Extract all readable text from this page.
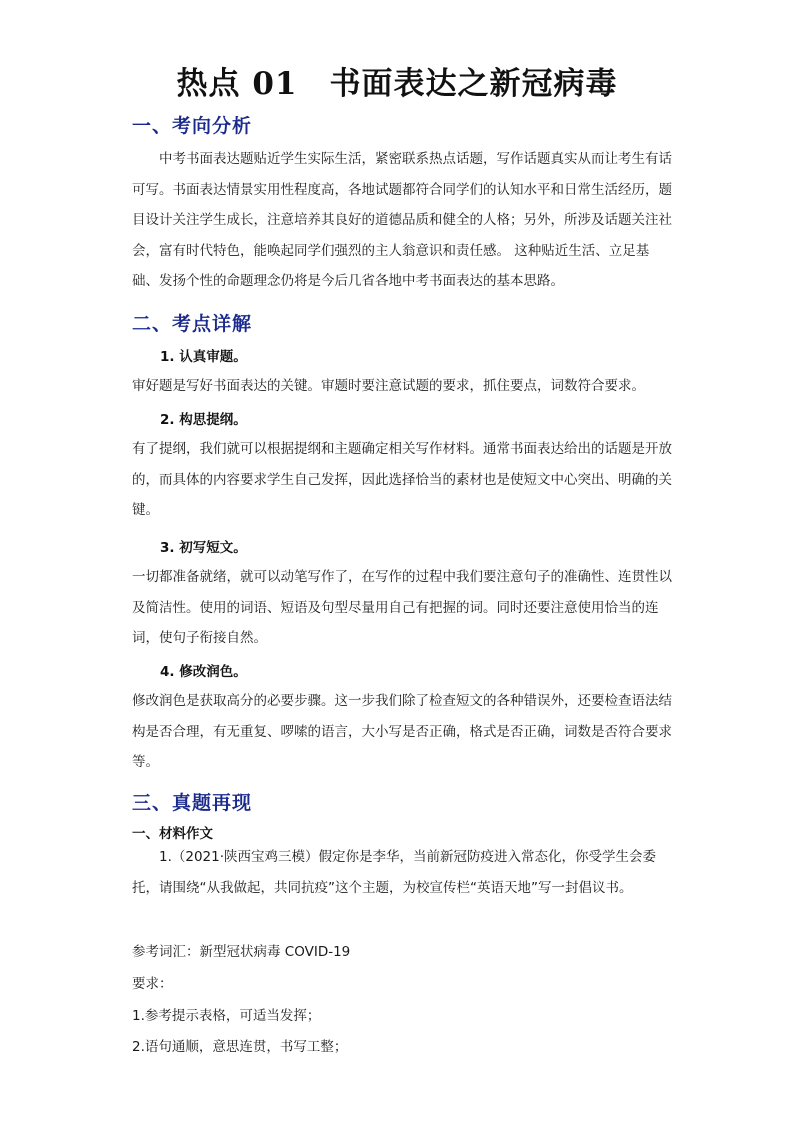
热点 01　书面表达之新冠病毒
一、考向分析

中考书面表达题贴近学生实际生活，紧密联系热点话题，写作话题真实从而让考生有话可写。书面表达情景实用性程度高，各地试题都符合同学们的认知水平和日常生活经历，题目设计关注学生成长，注意培养其良好的道德品质和健全的人格；另外，所涉及话题关注社会，富有时代特色，能唤起同学们强烈的主人翁意识和责任感。 这种贴近生活、立足基础、发扬个性的命题理念仍将是今后几省各地中考书面表达的基本思路。

二、考点详解
1. 认真审题。

审好题是写好书面表达的关键。审题时要注意试题的要求，抓住要点，词数符合要求。

2. 构思提纲。

有了提纲，我们就可以根据提纲和主题确定相关写作材料。通常书面表达给出的话题是开放的，而具体的内容要求学生自己发挥，因此选择恰当的素材也是使短文中心突出、明确的关键。

3. 初写短文。

一切都准备就绪，就可以动笔写作了，在写作的过程中我们要注意句子的准确性、连贯性以及简洁性。使用的词语、短语及句型尽量用自己有把握的词。同时还要注意使用恰当的连词，使句子衔接自然。

4. 修改润色。

修改润色是获取高分的必要步骤。这一步我们除了检查短文的各种错误外，还要检查语法结构是否合理，有无重复、啰嗦的语言，大小写是否正确，格式是否正确，词数是否符合要求等。

三、真题再现
一、材料作文

1.（2021·陕西宝鸡三模）假定你是李华，当前新冠防疫进入常态化，你受学生会委托，请围绕“从我做起，共同抗疫”这个主题，为校宣传栏“英语天地”写一封倡议书。

参考词汇：新型冠状病毒 COVID-19
要求：
1.参考提示表格，可适当发挥；
2.语句通顺，意思连贯，书写工整；
